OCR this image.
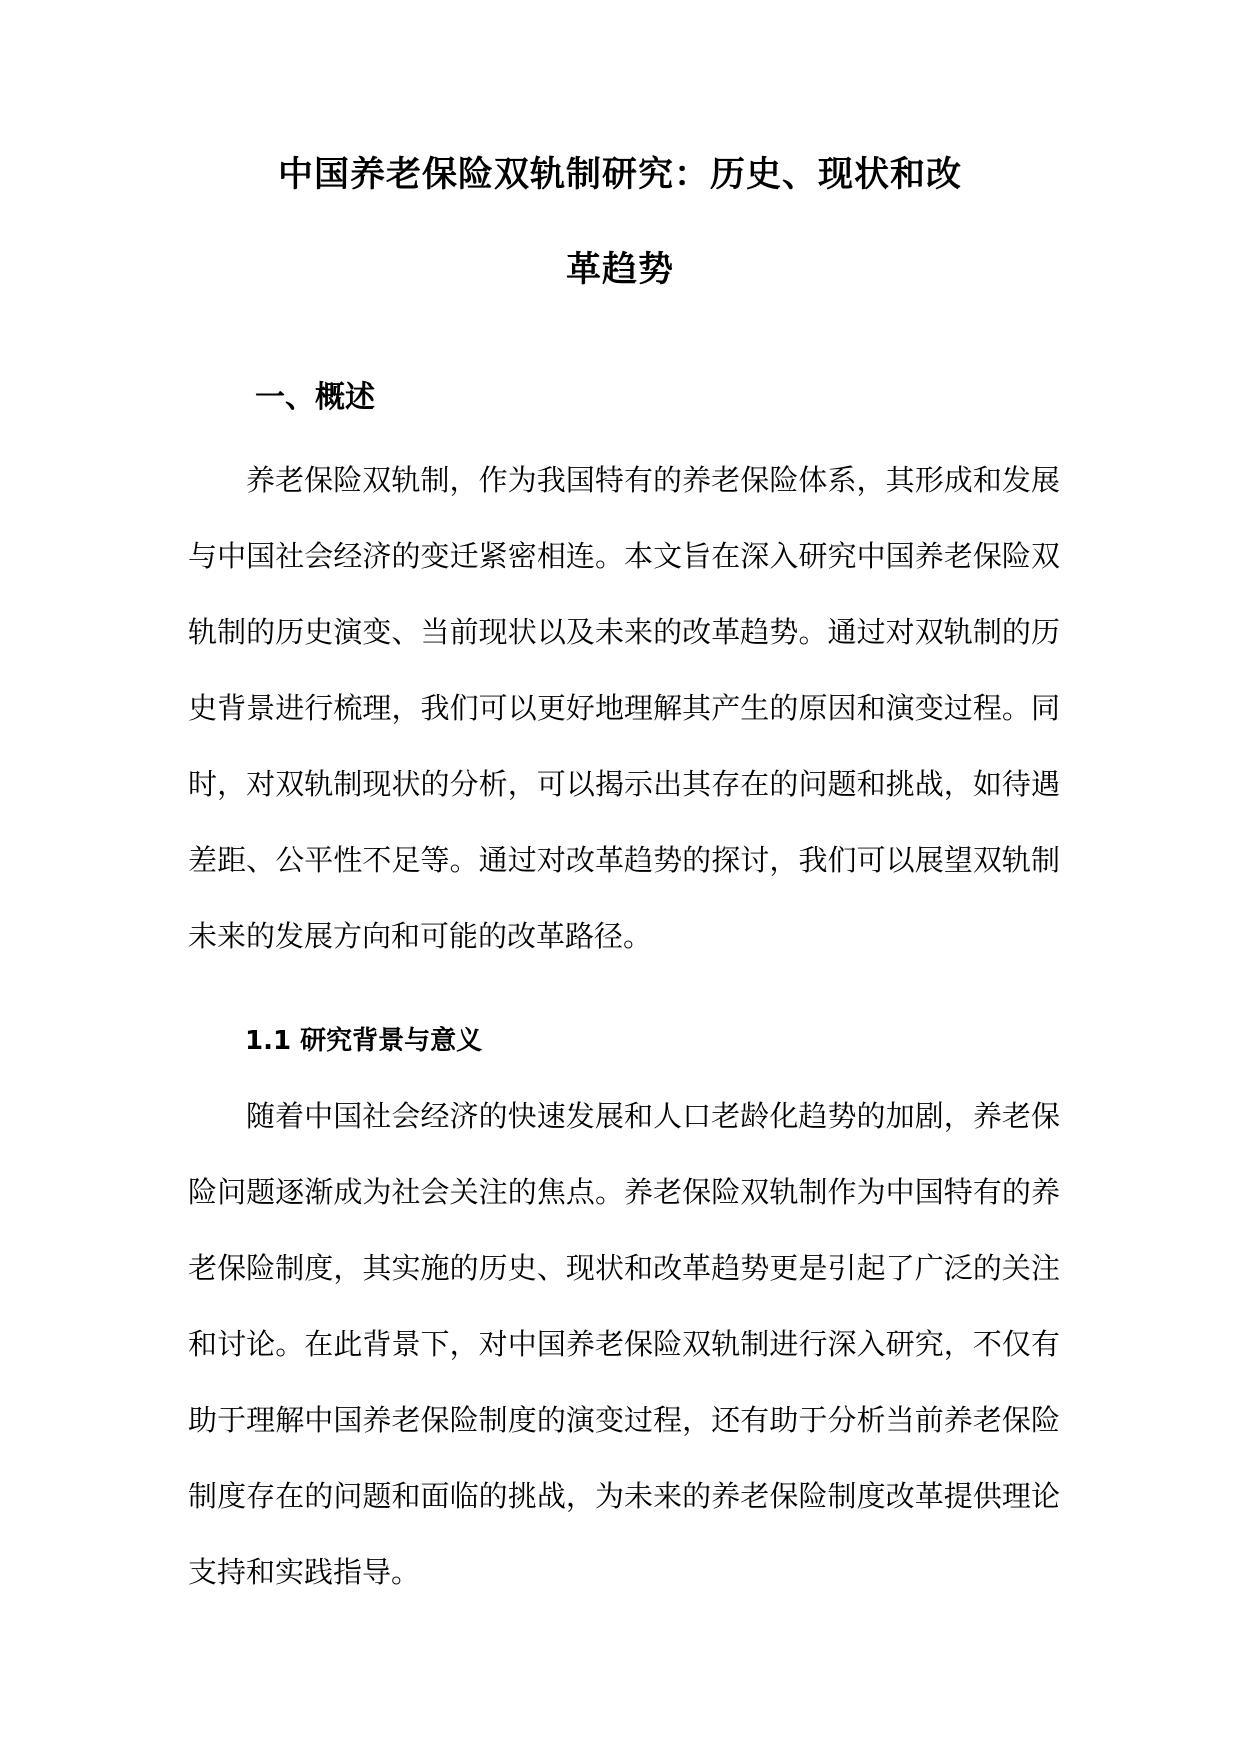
中国养老保险双轨制研究：历史、现状和改
革趋势
一、概述
养老保险双轨制，作为我国特有的养老保险体系，其形成和发展
与中国社会经济的变迁紧密相连。本文旨在深入研究中国养老保险双
轨制的历史演变、当前现状以及未来的改革趋势。通过对双轨制的历
史背景进行梳理，我们可以更好地理解其产生的原因和演变过程。同
时，对双轨制现状的分析，可以揭示出其存在的问题和挑战，如待遇
差距、公平性不足等。通过对改革趋势的探讨，我们可以展望双轨制
未来的发展方向和可能的改革路径。
1.1 研究背景与意义
随着中国社会经济的快速发展和人口老龄化趋势的加剧，养老保
险问题逐渐成为社会关注的焦点。养老保险双轨制作为中国特有的养
老保险制度，其实施的历史、现状和改革趋势更是引起了广泛的关注
和讨论。在此背景下，对中国养老保险双轨制进行深入研究，不仅有
助于理解中国养老保险制度的演变过程，还有助于分析当前养老保险
制度存在的问题和面临的挑战，为未来的养老保险制度改革提供理论
支持和实践指导。
